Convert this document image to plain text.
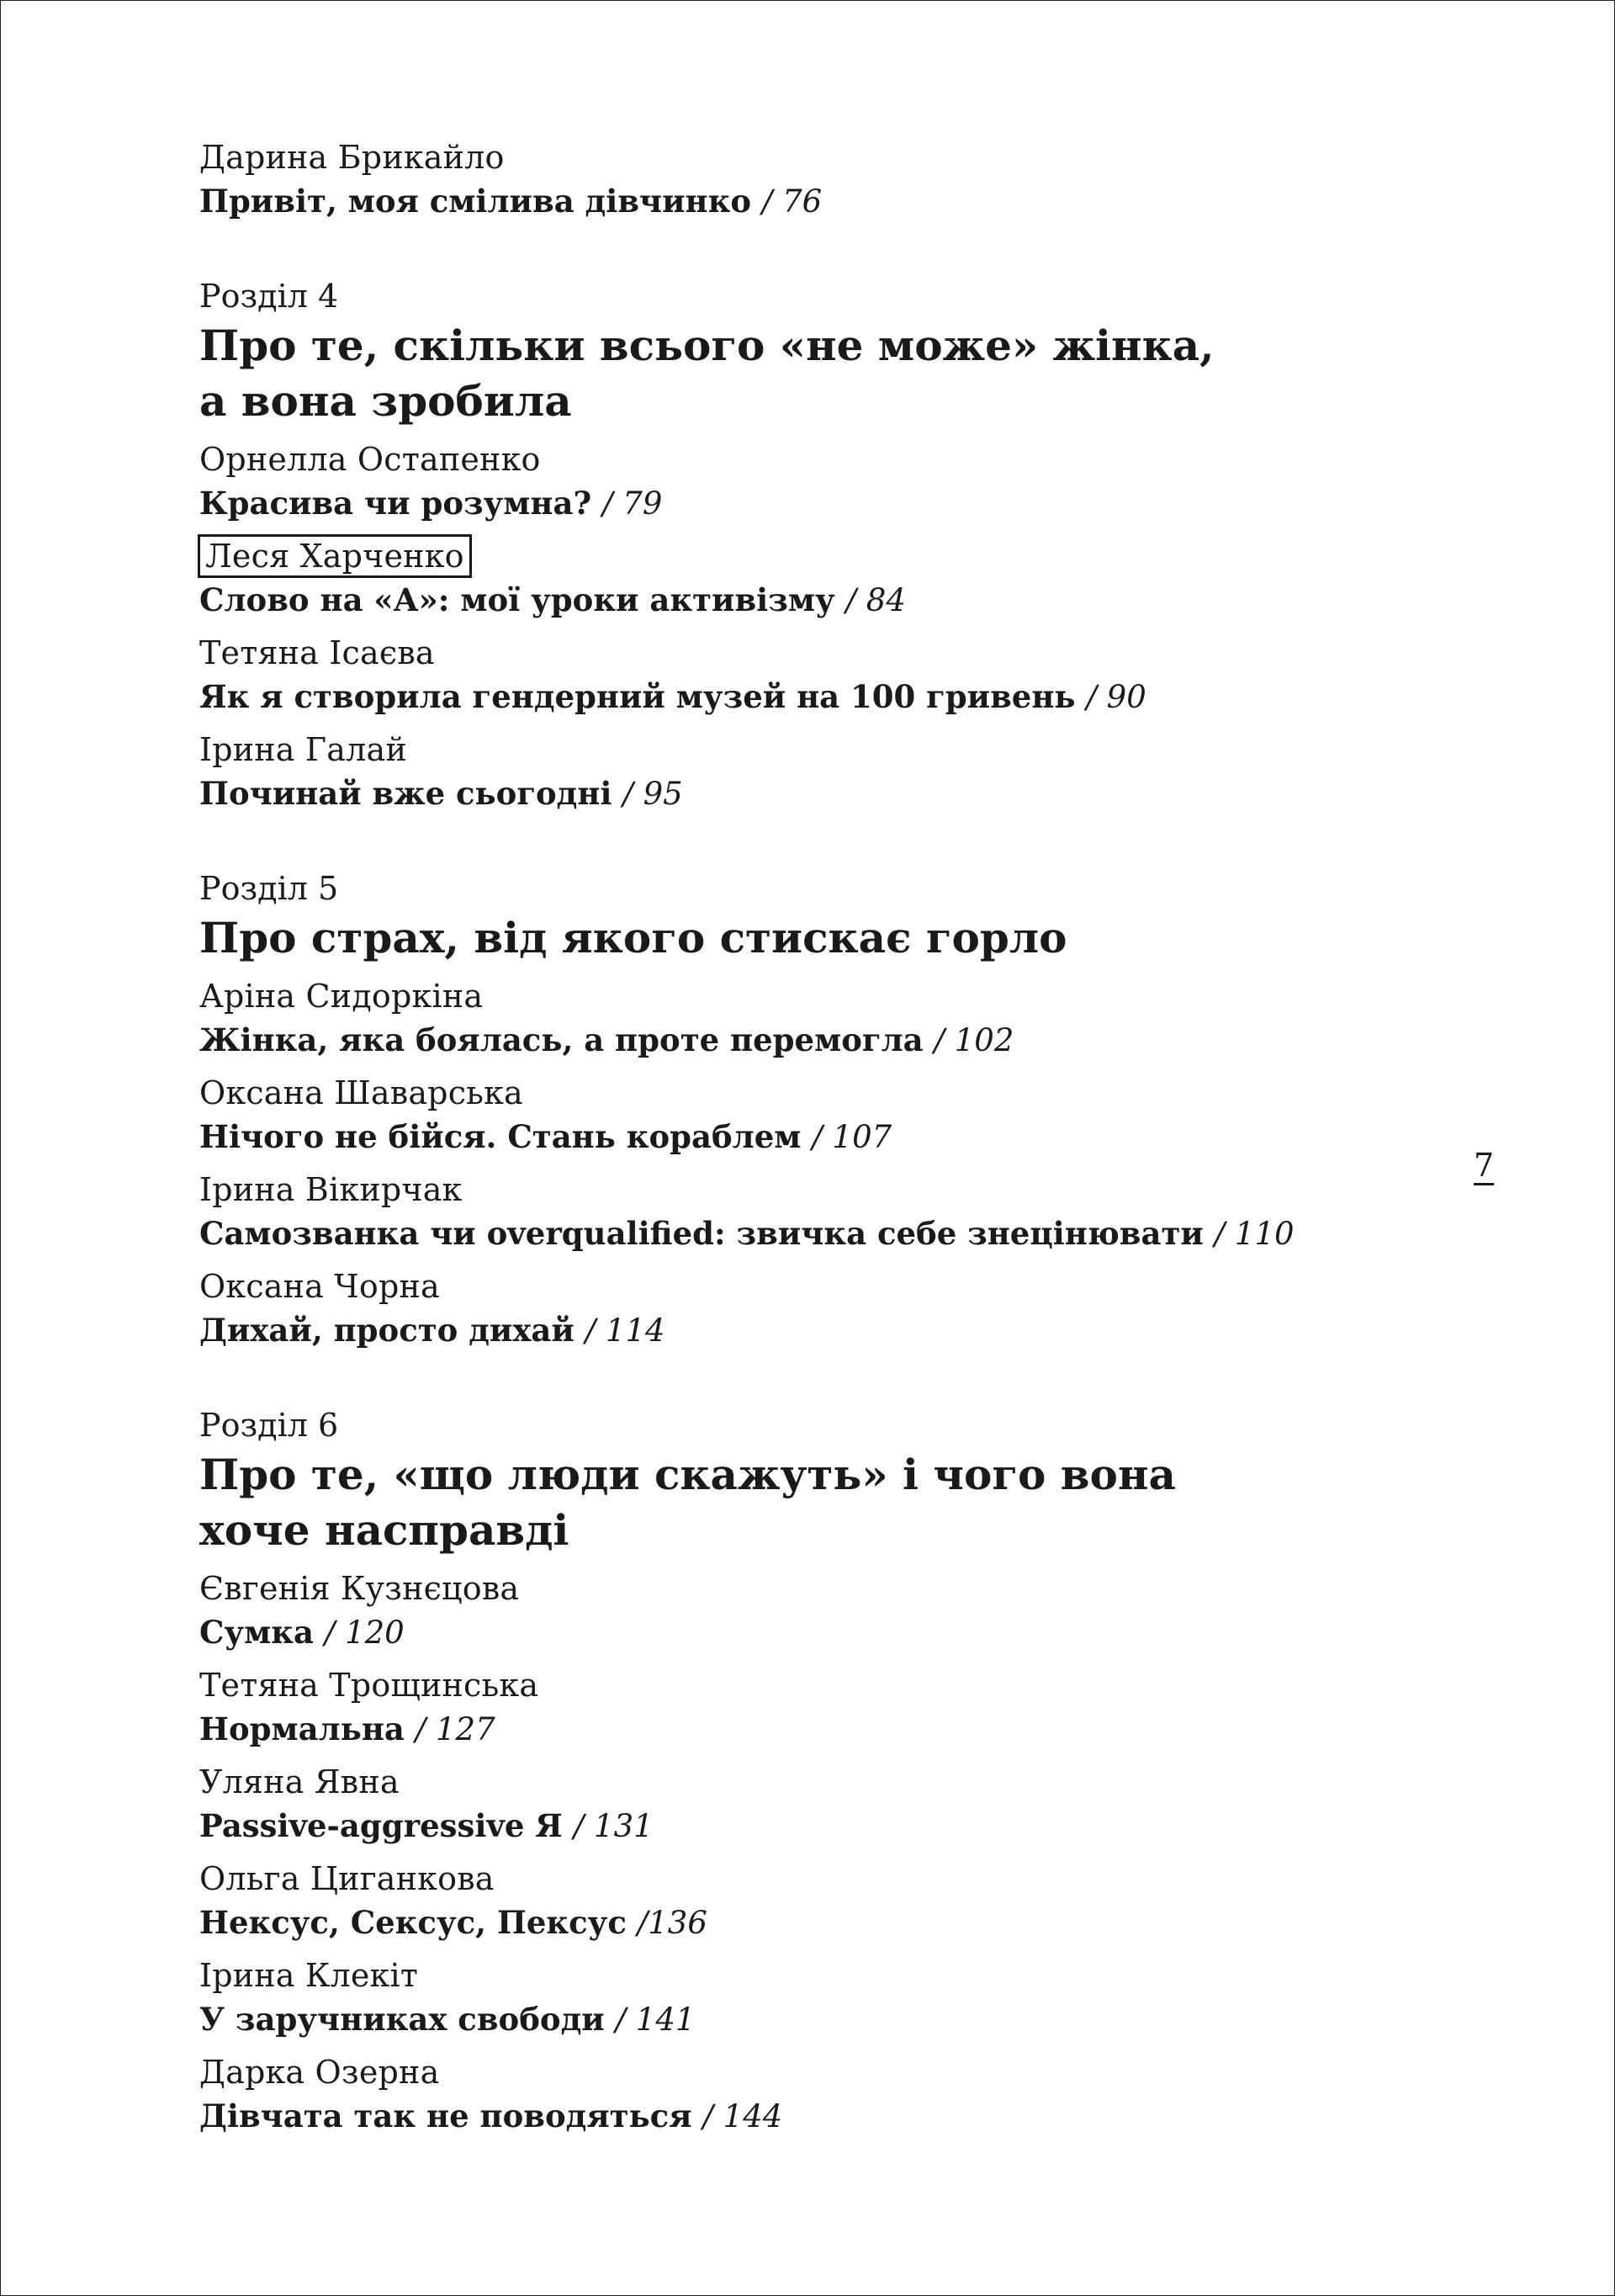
Дарина Брикайло
Привіт, моя смілива дівчинко / 76
Розділ 4
Про те, скільки всього «не може» жінка,
а вона зробила
Орнелла Остапенко
Красива чи розумна? / 79
Леся Харченко
Слово на «А»: мої уроки активізму / 84
Тетяна Ісаєва
Як я створила гендерний музей на 100 гривень / 90
Ірина Галай
Починай вже сьогодні / 95
Розділ 5
Про страх, від якого стискає горло
Аріна Сидоркіна
Жінка, яка боялась, а проте перемогла / 102
Оксана Шаварська
Нічого не бійся. Стань кораблем / 107
Ірина Вікирчак
Самозванка чи overqualified: звичка себе знецінювати / 110
Оксана Чорна
Дихай, просто дихай / 114
Розділ 6
Про те, «що люди скажуть» і чого вона
хоче насправді
Євгенія Кузнєцова
Сумка / 120
Тетяна Трощинська
Нормальна / 127
Уляна Явна
Passive-aggressive Я / 131
Ольга Циганкова
Нексус, Сексус, Пексус /136
Ірина Клекіт
У заручниках свободи / 141
Дарка Озерна
Дівчата так не поводяться / 144
7
